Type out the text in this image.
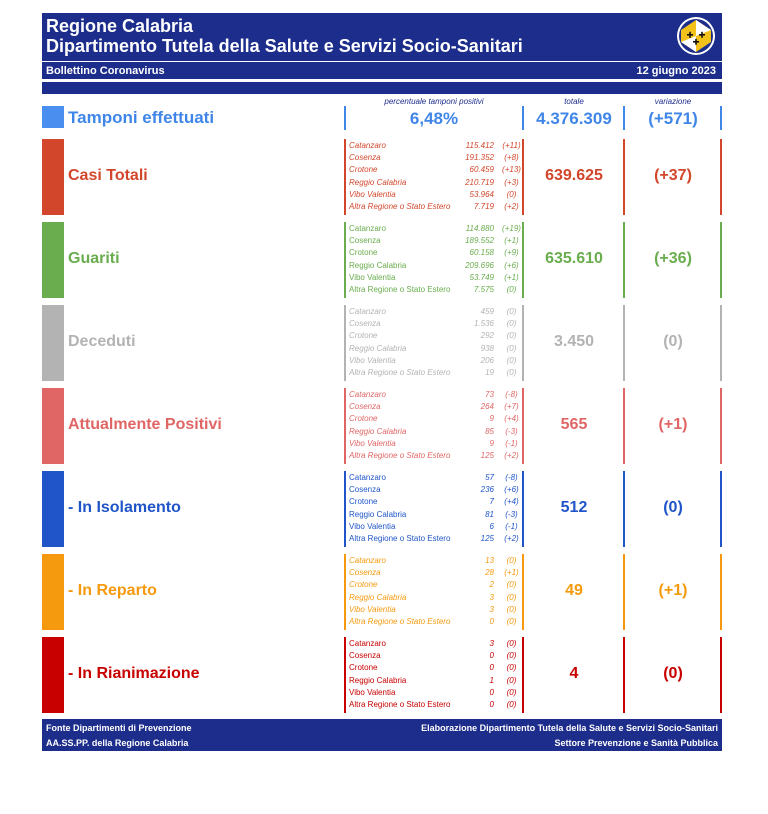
Regione Calabria
Dipartimento Tutela della Salute e Servizi Socio-Sanitari
Bollettino Coronavirus	12 giugno 2023
Tamponi effettuati
percentuale tamponi positivi
6,48%
totale
4.376.309
variazione
(+571)
Casi Totali
Catanzaro	115.412	(+11)
Cosenza	191.352	(+8)
Crotone	60.459	(+13)
Reggio Calabria	210.719	(+3)
Vibo Valentia	53.964	(0)
Altra Regione o Stato Estero	7.719	(+2)
639.625	(+37)
Guariti
Catanzaro	114.880	(+19)
Cosenza	189.552	(+1)
Crotone	60.158	(+9)
Reggio Calabria	209.696	(+6)
Vibo Valentia	53.749	(+1)
Altra Regione o Stato Estero	7.575	(0)
635.610	(+36)
Deceduti
Catanzaro	459	(0)
Cosenza	1.536	(0)
Crotone	292	(0)
Reggio Calabria	938	(0)
Vibo Valentia	206	(0)
Altra Regione o Stato Estero	19	(0)
3.450	(0)
Attualmente Positivi
Catanzaro	73	(-8)
Cosenza	264	(+7)
Crotone	9	(+4)
Reggio Calabria	85	(-3)
Vibo Valentia	9	(-1)
Altra Regione o Stato Estero	125	(+2)
565	(+1)
- In Isolamento
Catanzaro	57	(-8)
Cosenza	236	(+6)
Crotone	7	(+4)
Reggio Calabria	81	(-3)
Vibo Valentia	6	(-1)
Altra Regione o Stato Estero	125	(+2)
512	(0)
- In Reparto
Catanzaro	13	(0)
Cosenza	28	(+1)
Crotone	2	(0)
Reggio Calabria	3	(0)
Vibo Valentia	3	(0)
Altra Regione o Stato Estero	0	(0)
49	(+1)
- In Rianimazione
Catanzaro	3	(0)
Cosenza	0	(0)
Crotone	0	(0)
Reggio Calabria	1	(0)
Vibo Valentia	0	(0)
Altra Regione o Stato Estero	0	(0)
4	(0)
Fonte Dipartimenti di Prevenzione
AA.SS.PP. della Regione Calabria
Elaborazione Dipartimento Tutela della Salute e Servizi Socio-Sanitari
Settore Prevenzione e Sanità Pubblica
